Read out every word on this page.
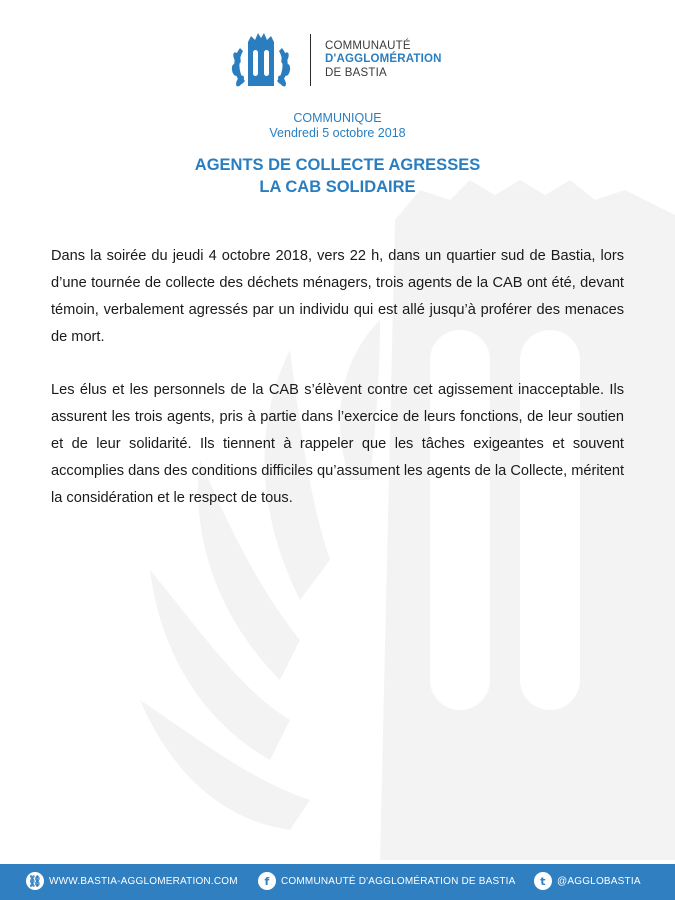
COMMUNAUTÉ
D'AGGLOMÉRATION
DE BASTIA
COMMUNIQUE
Vendredi 5 octobre 2018
AGENTS DE COLLECTE AGRESSES
LA CAB SOLIDAIRE

Dans la soirée du jeudi 4 octobre 2018, vers 22 h, dans un quartier sud de Bastia, lors d’une tournée de collecte des déchets ménagers, trois agents de la CAB ont été, devant témoin, verbalement agressés par un individu qui est allé jusqu’à proférer des menaces de mort.

Les élus et les personnels de la CAB s’élèvent contre cet agissement inacceptable. Ils assurent les trois agents, pris à partie dans l’exercice de leurs fonctions, de leur soutien et de leur solidarité. Ils tiennent à rappeler que les tâches exigeantes et souvent accomplies dans des conditions difficiles qu’assument les agents de la Collecte, méritent la considération et le respect de tous.

⛓ WWW.BASTIA-AGGLOMERATION.COM	f	COMMUNAUTÉ D'AGGLOMÉRATION DE BASTIA	t	@AGGLOBASTIA
